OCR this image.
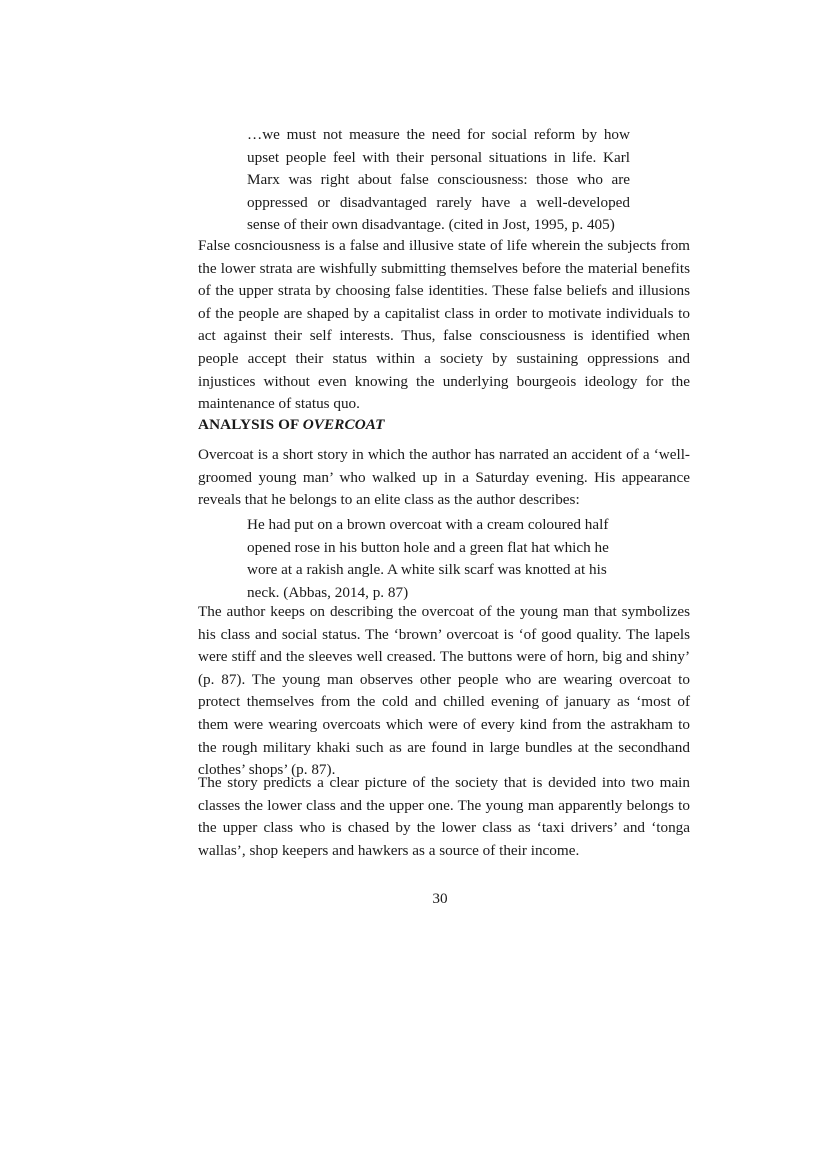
…we must not measure the need for social reform by how upset people feel with their personal situations in life. Karl Marx was right about false consciousness: those who are oppressed or disadvantaged rarely have a well-developed sense of their own disadvantage. (cited in Jost, 1995, p. 405)

False cosnciousness is a false and illusive state of life wherein the subjects from the lower strata are wishfully submitting themselves before the material benefits of the upper strata by choosing false identities. These false beliefs and illusions of the people are shaped by a capitalist class in order to motivate individuals to act against their self interests. Thus, false consciousness is identified when people accept their status within a society by sustaining oppressions and injustices without even knowing the underlying bourgeois ideology for the maintenance of status quo.

ANALYSIS OF OVERCOAT

Overcoat is a short story in which the author has narrated an accident of a ‘well-groomed young man’ who walked up in a Saturday evening. His appearance reveals that he belongs to an elite class as the author describes:

He had put on a brown overcoat with a cream coloured half opened rose in his button hole and a green flat hat which he wore at a rakish angle. A white silk scarf was knotted at his neck. (Abbas, 2014, p. 87)

The author keeps on describing the overcoat of the young man that symbolizes his class and social status. The ‘brown’ overcoat is ‘of good quality. The lapels were stiff and the sleeves well creased. The buttons were of horn, big and shiny’ (p. 87). The young man observes other people who are wearing overcoat to protect themselves from the cold and chilled evening of january as ‘most of them were wearing overcoats which were of every kind from the astrakham to the rough military khaki such as are found in large bundles at the secondhand clothes’ shops’ (p. 87).

The story predicts a clear picture of the society that is devided into two main classes the lower class and the upper one. The young man apparently belongs to the upper class who is chased by the lower class as ‘taxi drivers’ and ‘tonga wallas’, shop keepers and hawkers as a source of their income.

30
